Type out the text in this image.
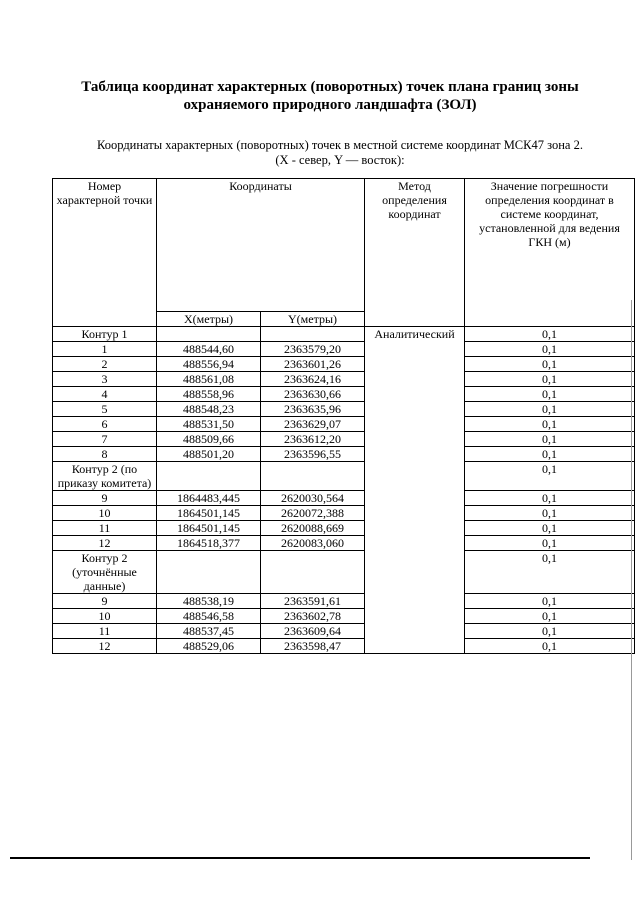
Таблица координат характерных (поворотных) точек плана границ зоны
охраняемого природного ландшафта (ЗОЛ)
Координаты характерных (поворотных) точек в местной системе координат МСК47 зона 2.
(X - север, Y — восток):
Номер характерной точки	Координаты		Метод определения координат	Значение погрешности определения координат в системе координат, установленной для ведения ГКН (м)
	X(метры)	Y(метры)		
Контур 1			Аналитический	0,1
1	488544,60	2363579,20		0,1
2	488556,94	2363601,26		0,1
3	488561,08	2363624,16		0,1
4	488558,96	2363630,66		0,1
5	488548,23	2363635,96		0,1
6	488531,50	2363629,07		0,1
7	488509,66	2363612,20		0,1
8	488501,20	2363596,55		0,1
Контур 2 (по приказу комитета)				0,1
9	1864483,445	2620030,564		0,1
10	1864501,145	2620072,388		0,1
11	1864501,145	2620088,669		0,1
12	1864518,377	2620083,060		0,1
Контур 2 (уточнённые данные)				0,1
9	488538,19	2363591,61		0,1
10	488546,58	2363602,78		0,1
11	488537,45	2363609,64		0,1
12	488529,06	2363598,47		0,1
